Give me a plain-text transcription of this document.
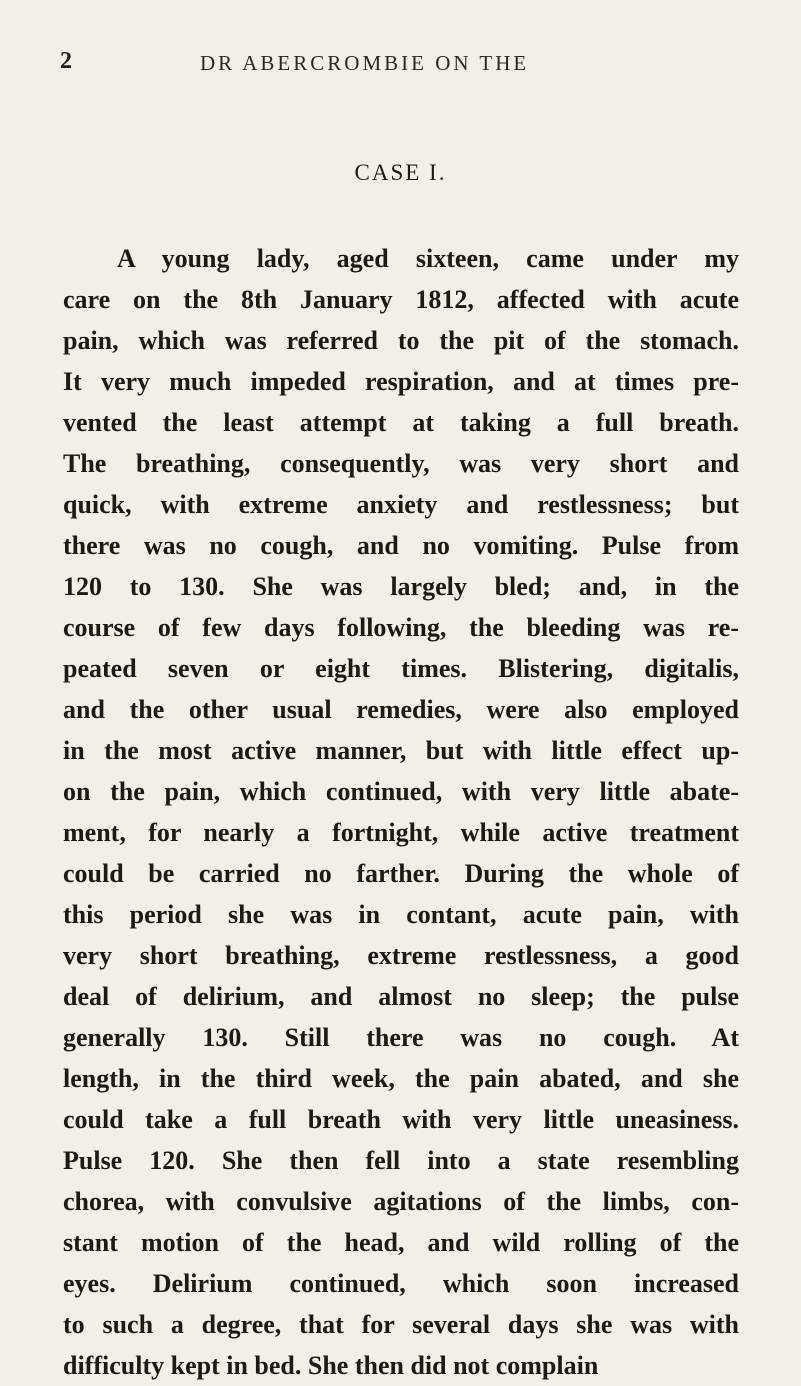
2	DR ABERCROMBIE ON THE
CASE I.
A young lady, aged sixteen, came under my
care on the 8th January 1812, affected with acute
pain, which was referred to the pit of the stomach.
It very much impeded respiration, and at times pre-
vented the least attempt at taking a full breath.
The breathing, consequently, was very short and
quick, with extreme anxiety and restlessness; but
there was no cough, and no vomiting. Pulse from
120 to 130. She was largely bled; and, in the
course of few days following, the bleeding was re-
peated seven or eight times. Blistering, digitalis,
and the other usual remedies, were also employed
in the most active manner, but with little effect up-
on the pain, which continued, with very little abate-
ment, for nearly a fortnight, while active treatment
could be carried no farther. During the whole of
this period she was in contant, acute pain, with
very short breathing, extreme restlessness, a good
deal of delirium, and almost no sleep; the pulse
generally 130. Still there was no cough. At
length, in the third week, the pain abated, and she
could take a full breath with very little uneasiness.
Pulse 120. She then fell into a state resembling
chorea, with convulsive agitations of the limbs, con-
stant motion of the head, and wild rolling of the
eyes. Delirium continued, which soon increased
to such a degree, that for several days she was with
difficulty kept in bed. She then did not complain
